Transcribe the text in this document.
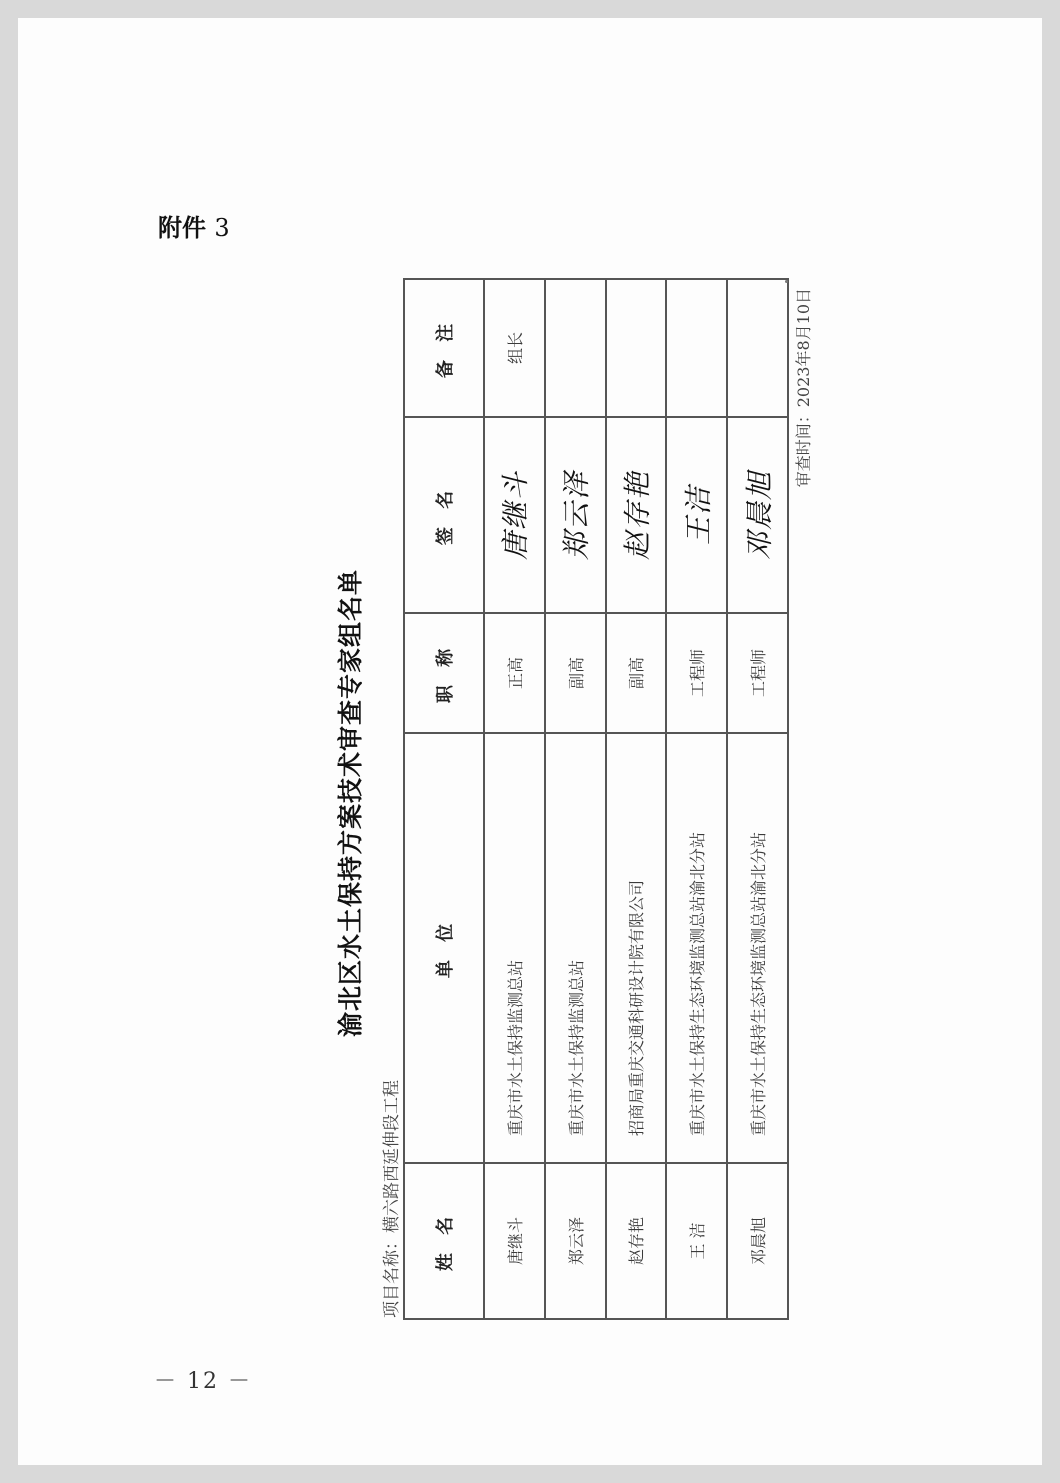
附件 3
渝北区水土保持方案技术审查专家组名单
项目名称：横六路西延伸段工程 姓 名	单 位	职 称	签 名	备 注
唐继斗	重庆市水土保持监测总站	正高	唐继斗	组长
郑云泽	重庆市水土保持监测总站	副高	郑云泽	
赵存艳	招商局重庆交通科研设计院有限公司	副高	赵存艳	
王 洁	重庆市水土保持生态环境监测总站渝北分站	工程师	王洁	
邓晨旭	重庆市水土保持生态环境监测总站渝北分站	工程师	邓晨旭	
审查时间：2023年8月10日
－ 12 －
